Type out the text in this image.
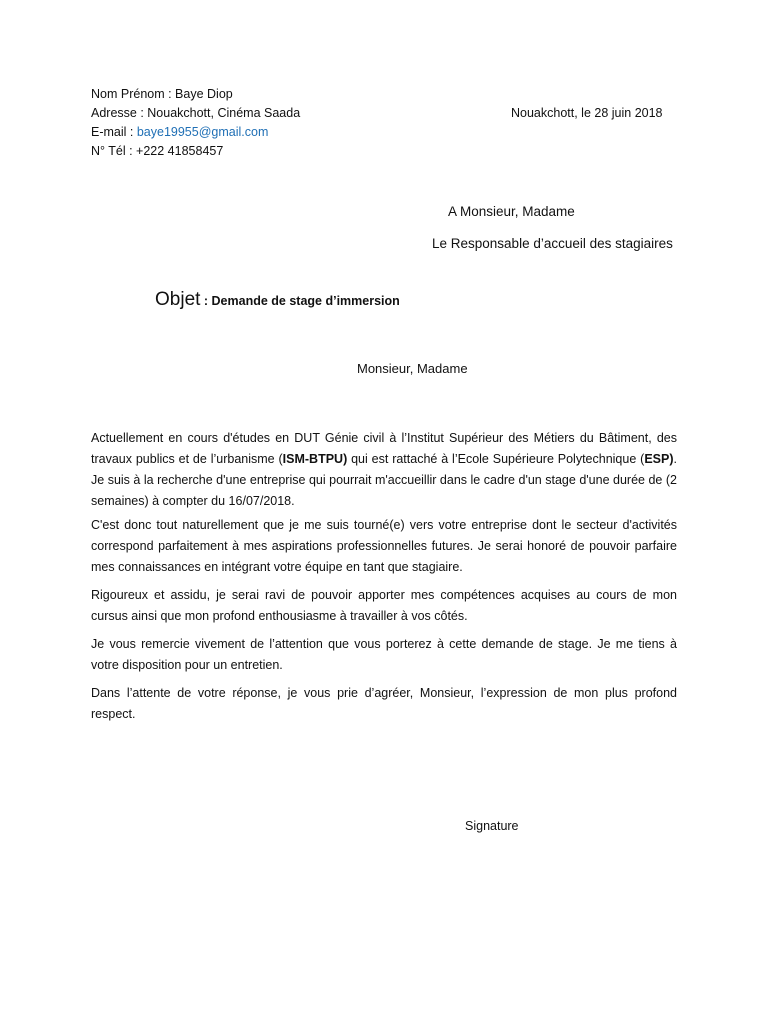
Nom Prénom : Baye Diop
Adresse : Nouakchott, Cinéma Saada
E-mail : baye19955@gmail.com
N° Tél : +222 41858457
Nouakchott, le 28 juin 2018
A Monsieur, Madame
Le Responsable d’accueil des stagiaires
Objet : Demande de stage d’immersion
Monsieur, Madame
Actuellement en cours d'études en DUT Génie civil à l’Institut Supérieur des Métiers du Bâtiment, des travaux publics et de l’urbanisme (ISM-BTPU) qui est rattaché à l’Ecole Supérieure Polytechnique (ESP). Je suis à la recherche d'une entreprise qui pourrait m'accueillir dans le cadre d'un stage d'une durée de (2 semaines) à compter du 16/07/2018.
C'est donc tout naturellement que je me suis tourné(e) vers votre entreprise dont le secteur d'activités correspond parfaitement à mes aspirations professionnelles futures. Je serai honoré de pouvoir parfaire mes connaissances en intégrant votre équipe en tant que stagiaire.
Rigoureux et assidu, je serai ravi de pouvoir apporter mes compétences acquises au cours de mon cursus ainsi que mon profond enthousiasme à travailler à vos côtés.
Je vous remercie vivement de l’attention que vous porterez à cette demande de stage. Je me tiens à votre disposition pour un entretien.
Dans l’attente de votre réponse, je vous prie d’agréer, Monsieur, l’expression de mon plus profond respect.
Signature
